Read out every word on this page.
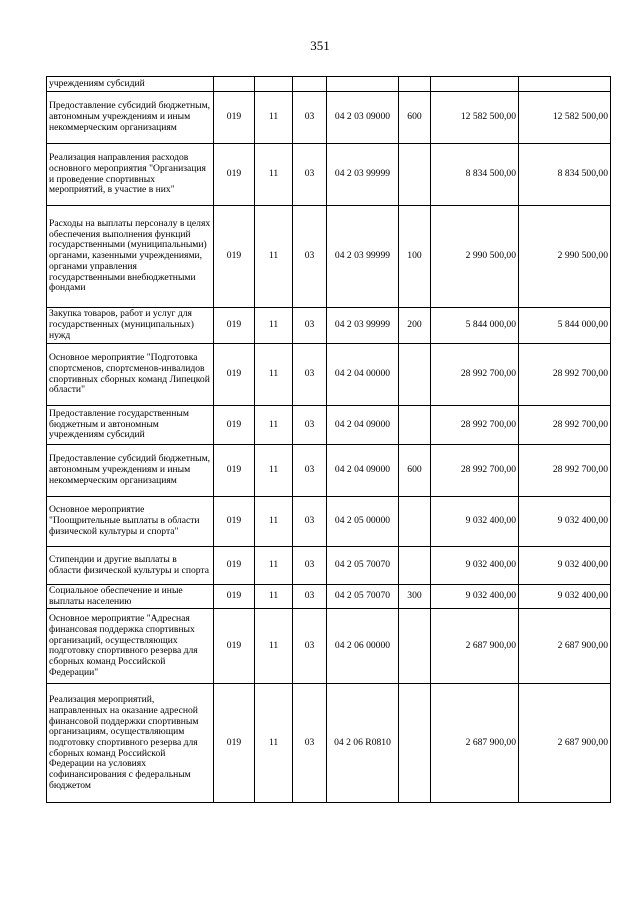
351
учреждениям субсидий							

Предоставление субсидий бюджетным, автономным учреждениям и иным некоммерческим организациям	019	11	03	04 2 03 09000	600	12 582 500,00	12 582 500,00

Реализация направления расходов основного мероприятия "Организация и проведение спортивных мероприятий, в участие в них"	019	11	03	04 2 03 99999		8 834 500,00	8 834 500,00

Расходы на выплаты персоналу в целях обеспечения выполнения функций государственными (муниципальными) органами, казенными учреждениями, органами управления государственными внебюджетными фондами	019	11	03	04 2 03 99999	100	2 990 500,00	2 990 500,00

Закупка товаров, работ и услуг для государственных (муниципальных) нужд	019	11	03	04 2 03 99999	200	5 844 000,00	5 844 000,00

Основное мероприятие "Подготовка спортсменов, спортсменов-инвалидов спортивных сборных команд Липецкой области"	019	11	03	04 2 04 00000		28 992 700,00	28 992 700,00

Предоставление государственным бюджетным и автономным учреждениям субсидий	019	11	03	04 2 04 09000		28 992 700,00	28 992 700,00

Предоставление субсидий бюджетным, автономным учреждениям и иным некоммерческим организациям	019	11	03	04 2 04 09000	600	28 992 700,00	28 992 700,00

Основное мероприятие "Поощрительные выплаты в области физической культуры и спорта"	019	11	03	04 2 05 00000		9 032 400,00	9 032 400,00

Стипендии и другие выплаты в области физической культуры и спорта	019	11	03	04 2 05 70070		9 032 400,00	9 032 400,00

Социальное обеспечение и иные выплаты населению	019	11	03	04 2 05 70070	300	9 032 400,00	9 032 400,00

Основное мероприятие "Адресная финансовая поддержка спортивных организаций, осуществляющих подготовку спортивного резерва для сборных команд Российской Федерации"	019	11	03	04 2 06 00000		2 687 900,00	2 687 900,00

Реализация мероприятий, направленных на оказание адресной финансовой поддержки спортивным организациям, осуществляющим подготовку спортивного резерва для сборных команд Российской Федерации на условиях софинансирования с федеральным бюджетом	019	11	03	04 2 06 R0810		2 687 900,00	2 687 900,00
